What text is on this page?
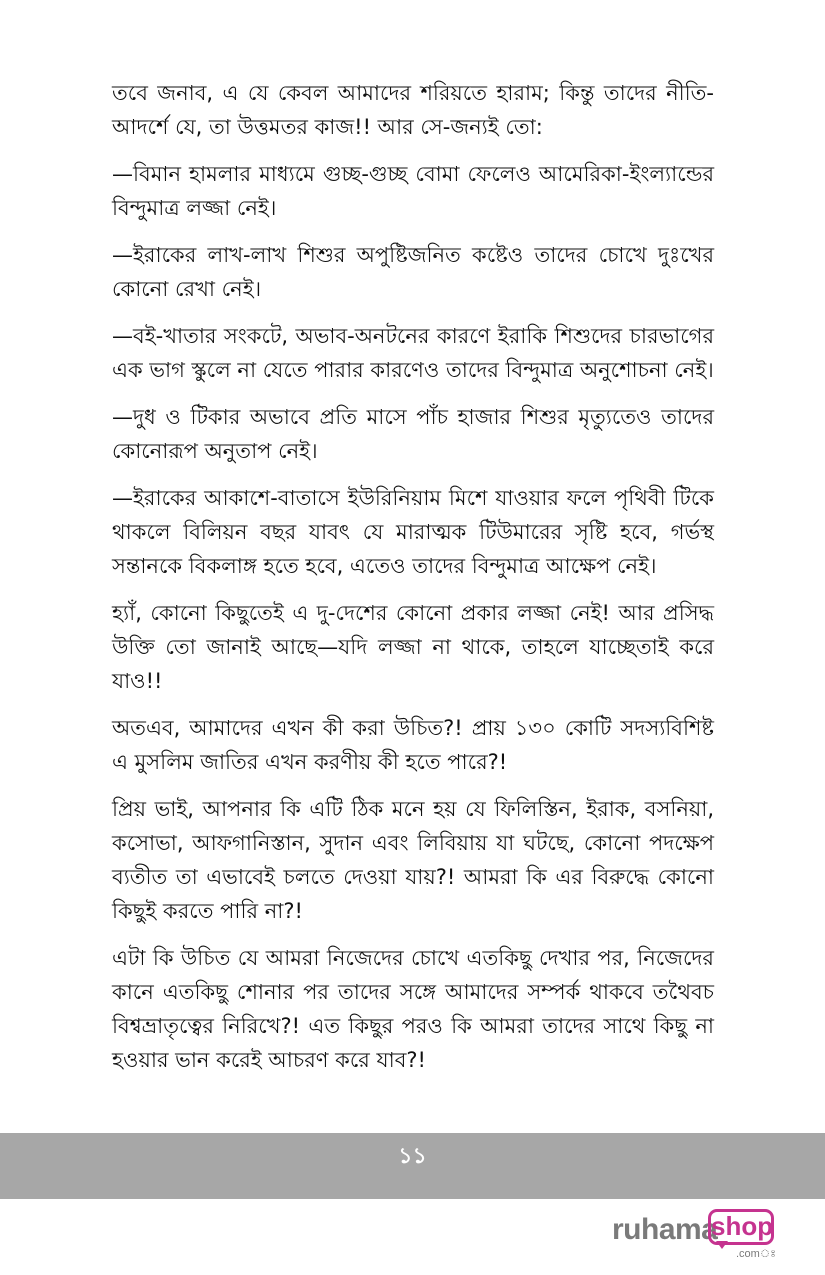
তবে জনাব, এ যে কেবল আমাদের শরিয়তে হারাম; কিন্তু তাদের নীতি-আদর্শে যে, তা উত্তমতর কাজ!! আর সে-জন্যই তো:

—বিমান হামলার মাধ্যমে গুচ্ছ-গুচ্ছ বোমা ফেলেও আমেরিকা-ইংল্যান্ডের বিন্দুমাত্র লজ্জা নেই।

—ইরাকের লাখ-লাখ শিশুর অপুষ্টিজনিত কষ্টেও তাদের চোখে দুঃখের কোনো রেখা নেই।

—বই-খাতার সংকটে, অভাব-অনটনের কারণে ইরাকি শিশুদের চারভাগের এক ভাগ স্কুলে না যেতে পারার কারণেও তাদের বিন্দুমাত্র অনুশোচনা নেই।

—দুধ ও টিকার অভাবে প্রতি মাসে পাঁচ হাজার শিশুর মৃত্যুতেও তাদের কোনোরূপ অনুতাপ নেই।

—ইরাকের আকাশে-বাতাসে ইউরিনিয়াম মিশে যাওয়ার ফলে পৃথিবী টিকে থাকলে বিলিয়ন বছর যাবৎ যে মারাত্মক টিউমারের সৃষ্টি হবে, গর্ভস্থ সন্তানকে বিকলাঙ্গ হতে হবে, এতেও তাদের বিন্দুমাত্র আক্ষেপ নেই।

হ্যাঁ, কোনো কিছুতেই এ দু-দেশের কোনো প্রকার লজ্জা নেই! আর প্রসিদ্ধ উক্তি তো জানাই আছে—যদি লজ্জা না থাকে, তাহলে যাচ্ছেতাই করে যাও!!

অতএব, আমাদের এখন কী করা উচিত?! প্রায় ১৩০ কোটি সদস্যবিশিষ্ট এ মুসলিম জাতির এখন করণীয় কী হতে পারে?!

প্রিয় ভাই, আপনার কি এটি ঠিক মনে হয় যে ফিলিস্তিন, ইরাক, বসনিয়া, কসোভা, আফগানিস্তান, সুদান এবং লিবিয়ায় যা ঘটছে, কোনো পদক্ষেপ ব্যতীত তা এভাবেই চলতে দেওয়া যায়?! আমরা কি এর বিরুদ্ধে কোনো কিছুই করতে পারি না?!

এটা কি উচিত যে আমরা নিজেদের চোখে এতকিছু দেখার পর, নিজেদের কানে এতকিছু শোনার পর তাদের সঙ্গে আমাদের সম্পর্ক থাকবে তথৈবচ বিশ্বভ্রাতৃত্বের নিরিখে?! এত কিছুর পরও কি আমরা তাদের সাথে কিছু না হওয়ার ভান করেই আচরণ করে যাব?!

১১
ruhama
shop
.comঃ
